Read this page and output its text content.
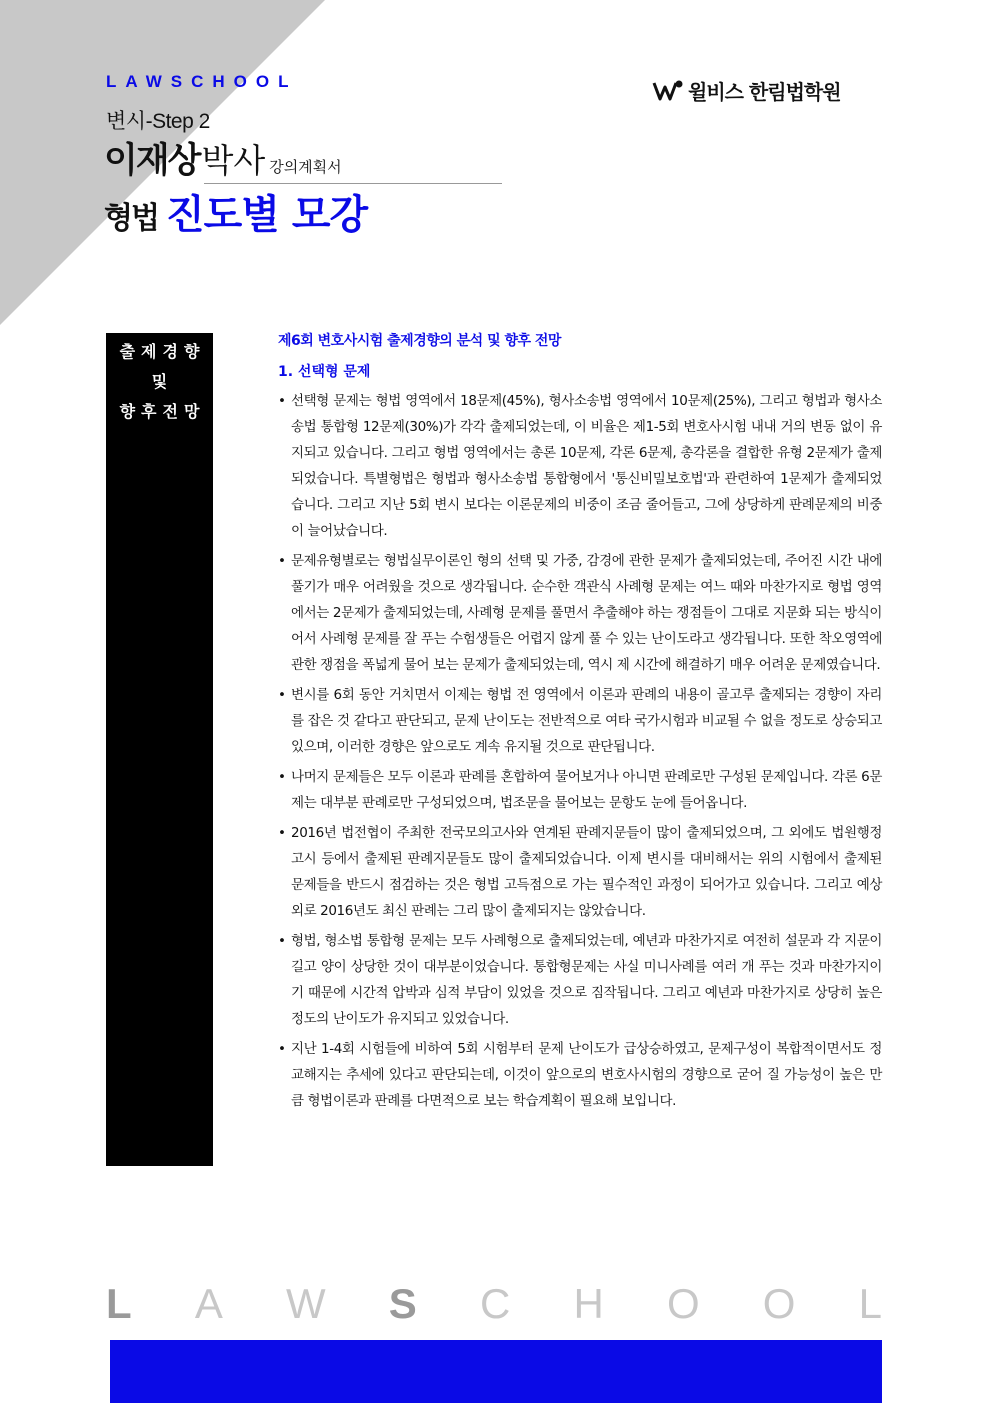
LAWSCHOOL
변시-Step 2
이재상박사 강의계획서
형법 진도별 모강
윌비스 한림법학원
출제경향
및
향후전망
제6회 변호사시험 출제경향의 분석 및 향후 전망
1. 선택형 문제
• 선택형 문제는 형법 영역에서 18문제(45%), 형사소송법 영역에서 10문제(25%), 그리고 형법과 형사소송법 통합형 12문제(30%)가 각각 출제되었는데, 이 비율은 제1-5회 변호사시험 내내 거의 변동 없이 유지되고 있습니다. 그리고 형법 영역에서는 총론 10문제, 각론 6문제, 총각론을 결합한 유형 2문제가 출제되었습니다. 특별형법은 형법과 형사소송법 통합형에서 '통신비밀보호법'과 관련하여 1문제가 출제되었습니다. 그리고 지난 5회 변시 보다는 이론문제의 비중이 조금 줄어들고, 그에 상당하게 판례문제의 비중이 늘어났습니다.
• 문제유형별로는 형법실무이론인 형의 선택 및 가중, 감경에 관한 문제가 출제되었는데, 주어진 시간 내에 풀기가 매우 어려웠을 것으로 생각됩니다. 순수한 객관식 사례형 문제는 여느 때와 마찬가지로 형법 영역에서는 2문제가 출제되었는데, 사례형 문제를 풀면서 추출해야 하는 쟁점들이 그대로 지문화 되는 방식이어서 사례형 문제를 잘 푸는 수험생들은 어렵지 않게 풀 수 있는 난이도라고 생각됩니다. 또한 착오영역에 관한 쟁점을 폭넓게 물어 보는 문제가 출제되었는데, 역시 제 시간에 해결하기 매우 어려운 문제였습니다.
• 변시를 6회 동안 거치면서 이제는 형법 전 영역에서 이론과 판례의 내용이 골고루 출제되는 경향이 자리를 잡은 것 같다고 판단되고, 문제 난이도는 전반적으로 여타 국가시험과 비교될 수 없을 정도로 상승되고 있으며, 이러한 경향은 앞으로도 계속 유지될 것으로 판단됩니다.
• 나머지 문제들은 모두 이론과 판례를 혼합하여 물어보거나 아니면 판례로만 구성된 문제입니다. 각론 6문제는 대부분 판례로만 구성되었으며, 법조문을 물어보는 문항도 눈에 들어옵니다.
• 2016년 법전협이 주최한 전국모의고사와 연계된 판례지문들이 많이 출제되었으며, 그 외에도 법원행정고시 등에서 출제된 판례지문들도 많이 출제되었습니다. 이제 변시를 대비해서는 위의 시험에서 출제된 문제들을 반드시 점검하는 것은 형법 고득점으로 가는 필수적인 과정이 되어가고 있습니다. 그리고 예상외로 2016년도 최신 판례는 그리 많이 출제되지는 않았습니다.
• 형법, 형소법 통합형 문제는 모두 사례형으로 출제되었는데, 예년과 마찬가지로 여전히 설문과 각 지문이 길고 양이 상당한 것이 대부분이었습니다. 통합형문제는 사실 미니사례를 여러 개 푸는 것과 마찬가지이기 때문에 시간적 압박과 심적 부담이 있었을 것으로 짐작됩니다. 그리고 예년과 마찬가지로 상당히 높은 정도의 난이도가 유지되고 있었습니다.
• 지난 1-4회 시험들에 비하여 5회 시험부터 문제 난이도가 급상승하였고, 문제구성이 복합적이면서도 정교해지는 추세에 있다고 판단되는데, 이것이 앞으로의 변호사시험의 경향으로 굳어 질 가능성이 높은 만큼 형법이론과 판례를 다면적으로 보는 학습계획이 필요해 보입니다.
L A W S C H O O L
